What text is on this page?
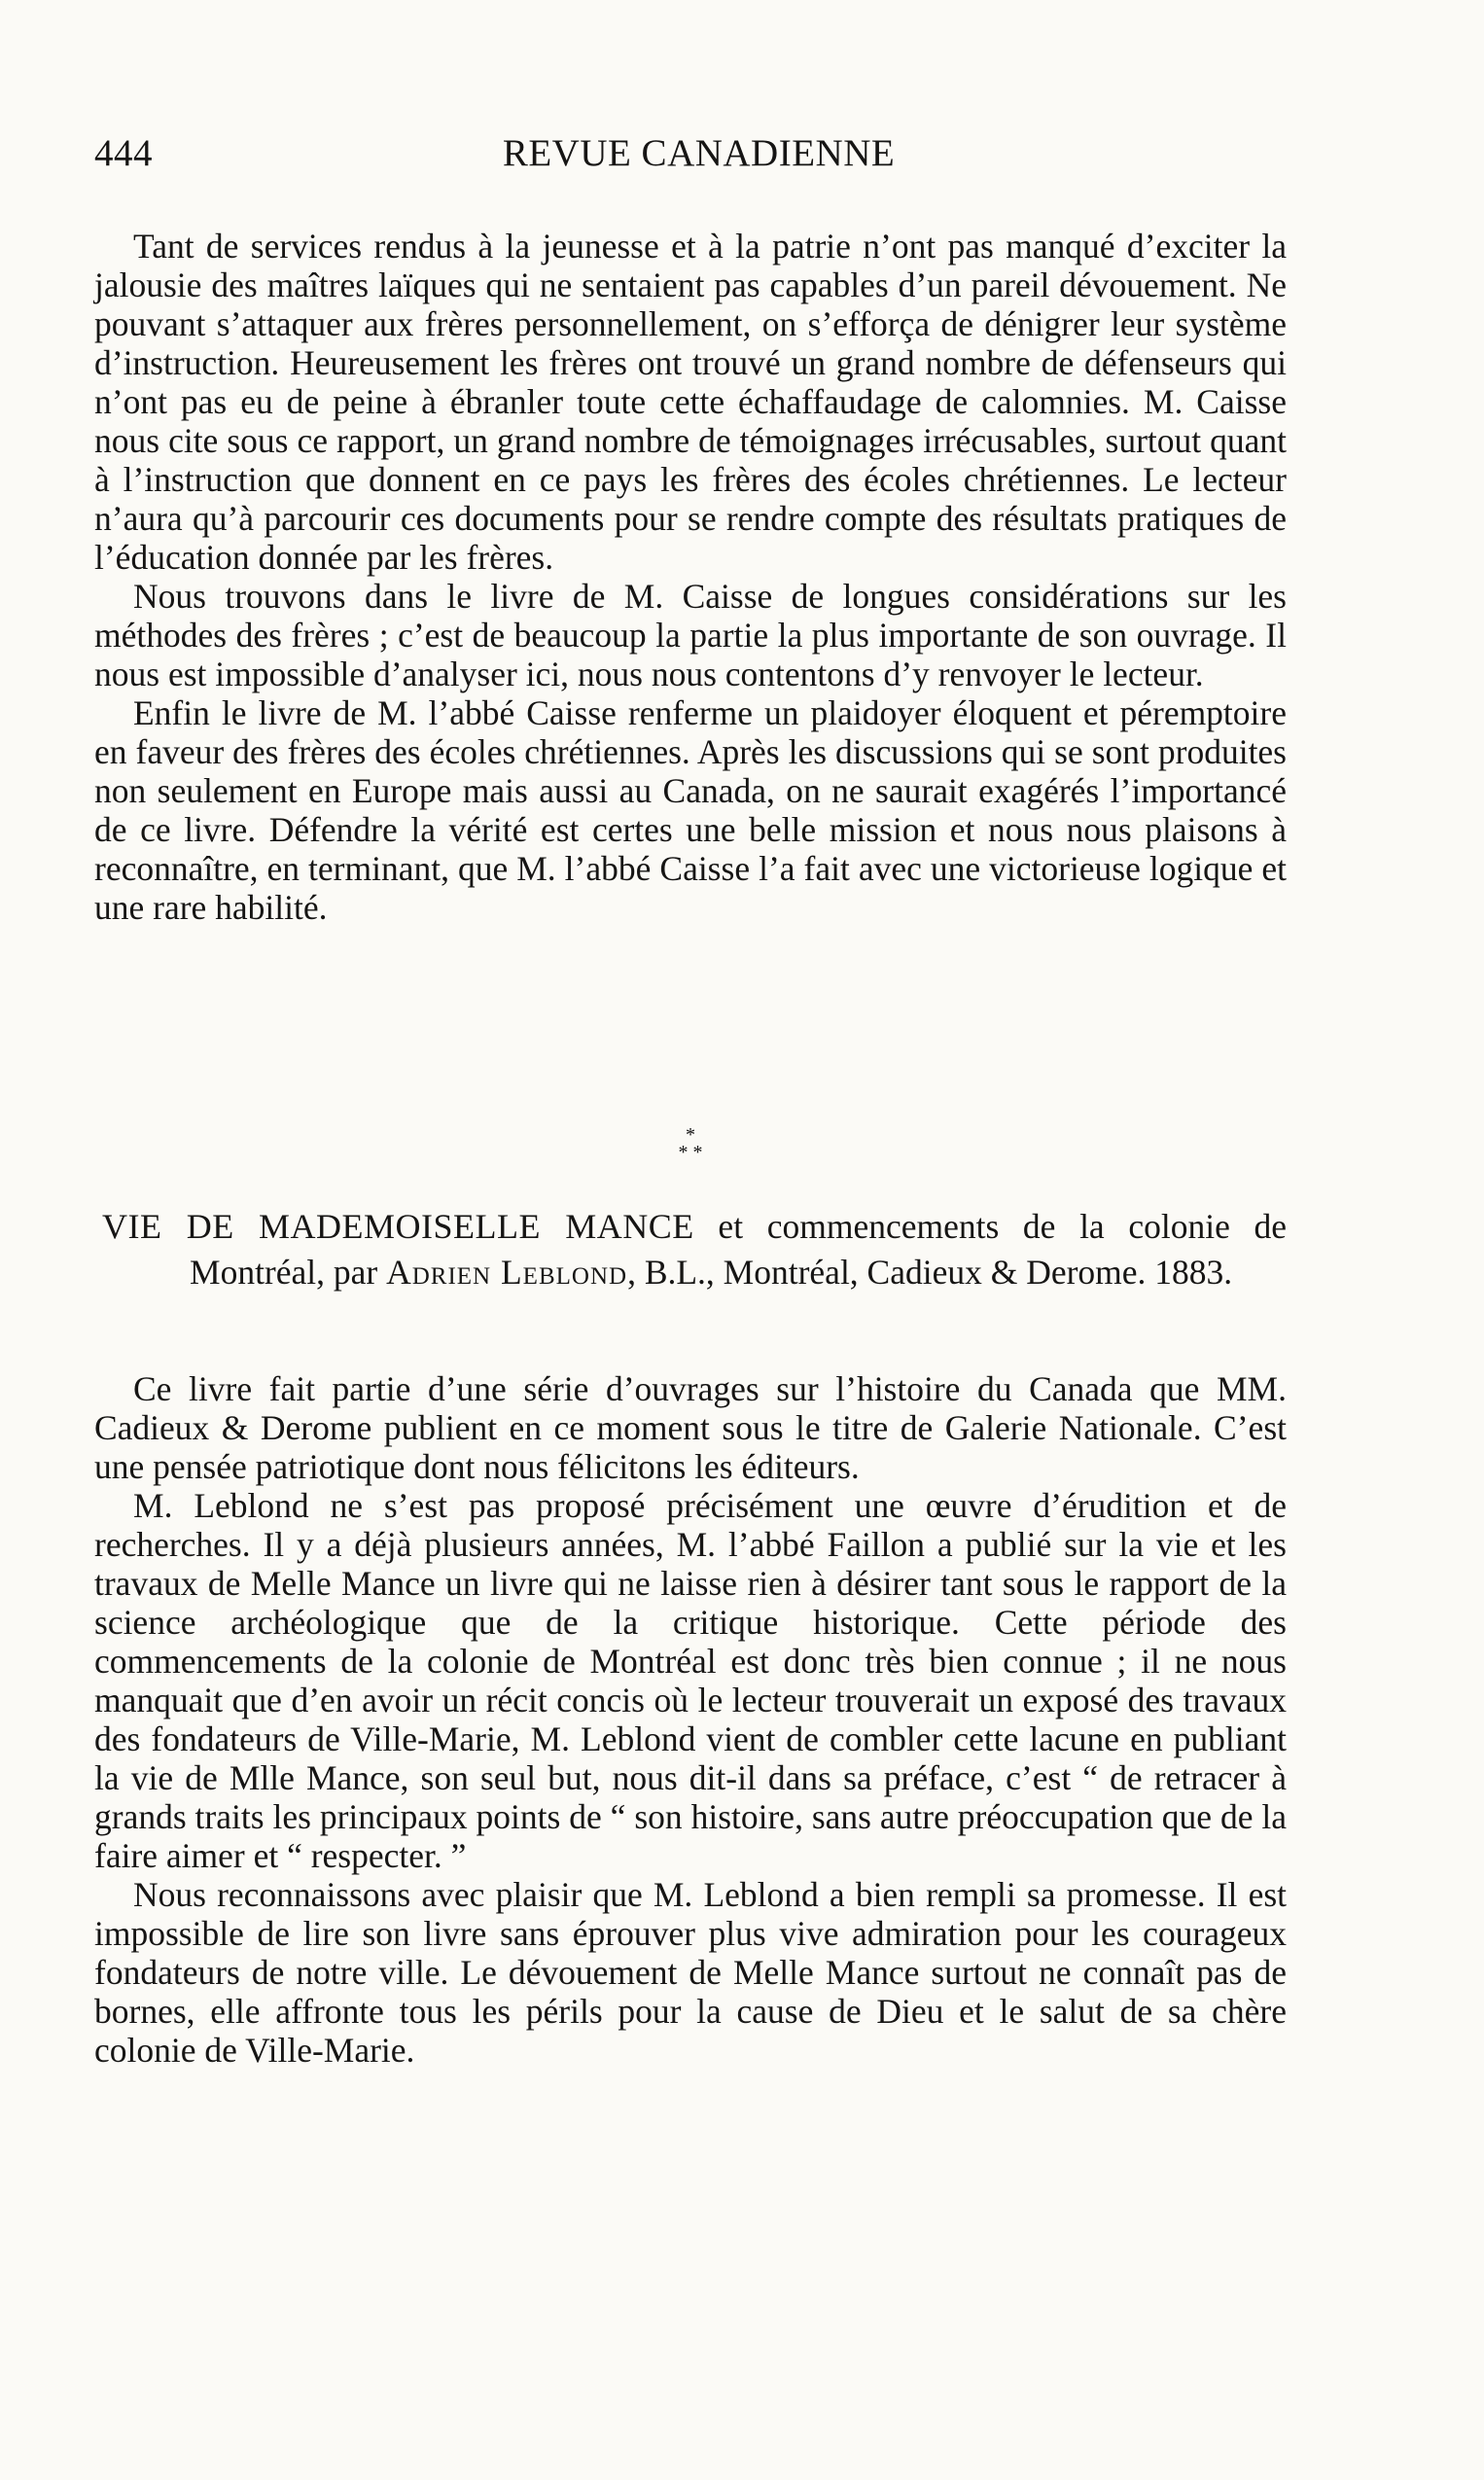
444	REVUE CANADIENNE

Tant de services rendus à la jeunesse et à la patrie n’ont pas manqué d’exciter la jalousie des maîtres laïques qui ne sentaient pas capables d’un pareil dévouement. Ne pouvant s’attaquer aux frères personnellement, on s’efforça de dénigrer leur système d’instruction. Heureusement les frères ont trouvé un grand nombre de défenseurs qui n’ont pas eu de peine à ébranler toute cette échaffaudage de calomnies. M. Caisse nous cite sous ce rapport, un grand nombre de témoignages irrécusables, surtout quant à l’instruction que donnent en ce pays les frères des écoles chrétiennes. Le lecteur n’aura qu’à parcourir ces documents pour se rendre compte des résultats pratiques de l’éducation donnée par les frères.

Nous trouvons dans le livre de M. Caisse de longues considérations sur les méthodes des frères ; c’est de beaucoup la partie la plus importante de son ouvrage. Il nous est impossible d’analyser ici, nous nous contentons d’y renvoyer le lecteur.

Enfin le livre de M. l’abbé Caisse renferme un plaidoyer éloquent et péremptoire en faveur des frères des écoles chrétiennes. Après les discussions qui se sont produites non seulement en Europe mais aussi au Canada, on ne saurait exagérés l’importancé de ce livre. Défendre la vérité est certes une belle mission et nous nous plaisons à reconnaître, en terminant, que M. l’abbé Caisse l’a fait avec une victorieuse logique et une rare habilité.

*
* *
VIE DE MADEMOISELLE MANCE et commencements de la colonie de Montréal, par Adrien Leblond, B.L., Montréal, Cadieux & Derome. 1883.

Ce livre fait partie d’une série d’ouvrages sur l’histoire du Canada que MM. Cadieux & Derome publient en ce moment sous le titre de Galerie Nationale. C’est une pensée patriotique dont nous félicitons les éditeurs.

M. Leblond ne s’est pas proposé précisément une œuvre d’érudition et de recherches. Il y a déjà plusieurs années, M. l’abbé Faillon a publié sur la vie et les travaux de Melle Mance un livre qui ne laisse rien à désirer tant sous le rapport de la science archéologique que de la critique historique. Cette période des commencements de la colonie de Montréal est donc très bien connue ; il ne nous manquait que d’en avoir un récit concis où le lecteur trouverait un exposé des travaux des fondateurs de Ville-Marie, M. Leblond vient de combler cette lacune en publiant la vie de Mlle Mance, son seul but, nous dit-il dans sa préface, c’est “ de retracer à grands traits les principaux points de “ son histoire, sans autre préoccupation que de la faire aimer et “ respecter. ”

Nous reconnaissons avec plaisir que M. Leblond a bien rempli sa promesse. Il est impossible de lire son livre sans éprouver plus vive admiration pour les courageux fondateurs de notre ville. Le dévouement de Melle Mance surtout ne connaît pas de bornes, elle affronte tous les périls pour la cause de Dieu et le salut de sa chère colonie de Ville-Marie.
